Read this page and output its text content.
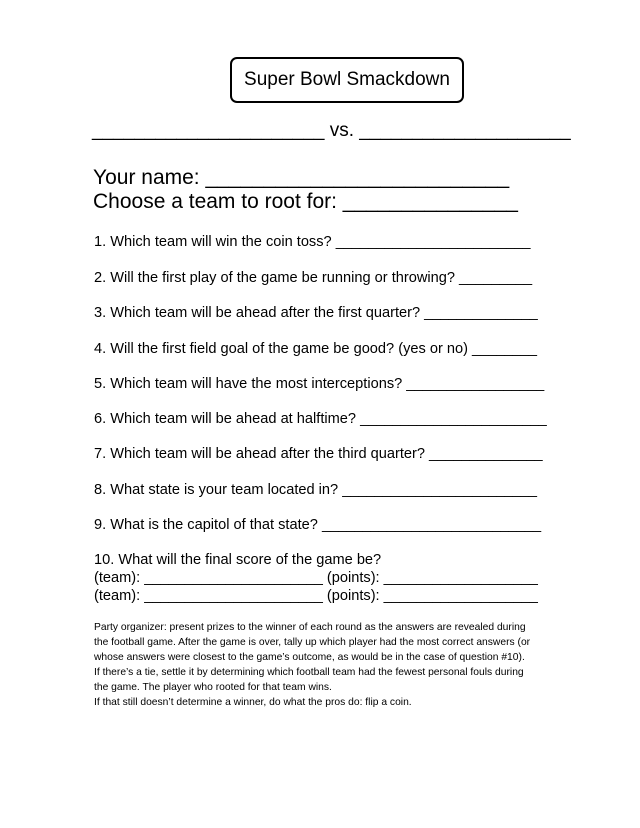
Super Bowl Smackdown
______________________ vs. ____________________
Your name: __________________________
Choose a team to root for: _______________
1. Which team will win the coin toss? ________________________
2. Will the first play of the game be running or throwing? _________
3. Which team will be ahead after the first quarter? ______________
4. Will the first field goal of the game be good? (yes or no) ________
5. Which team will have the most interceptions? _________________
6. Which team will be ahead at halftime? _______________________
7. Which team will be ahead after the third quarter? ______________
8. What state is your team located in? ________________________
9. What is the capitol of that state? ___________________________
10. What will the final score of the game be?
(team): ______________________ (points): ___________________
(team): ______________________ (points): ___________________

Party organizer: present prizes to the winner of each round as the answers are revealed during

the football game. After the game is over, tally up which player had the most correct answers (or

whose answers were closest to the game’s outcome, as would be in the case of question #10).

If there’s a tie, settle it by determining which football team had the fewest personal fouls during

the game. The player who rooted for that team wins.

If that still doesn’t determine a winner, do what the pros do: flip a coin.
